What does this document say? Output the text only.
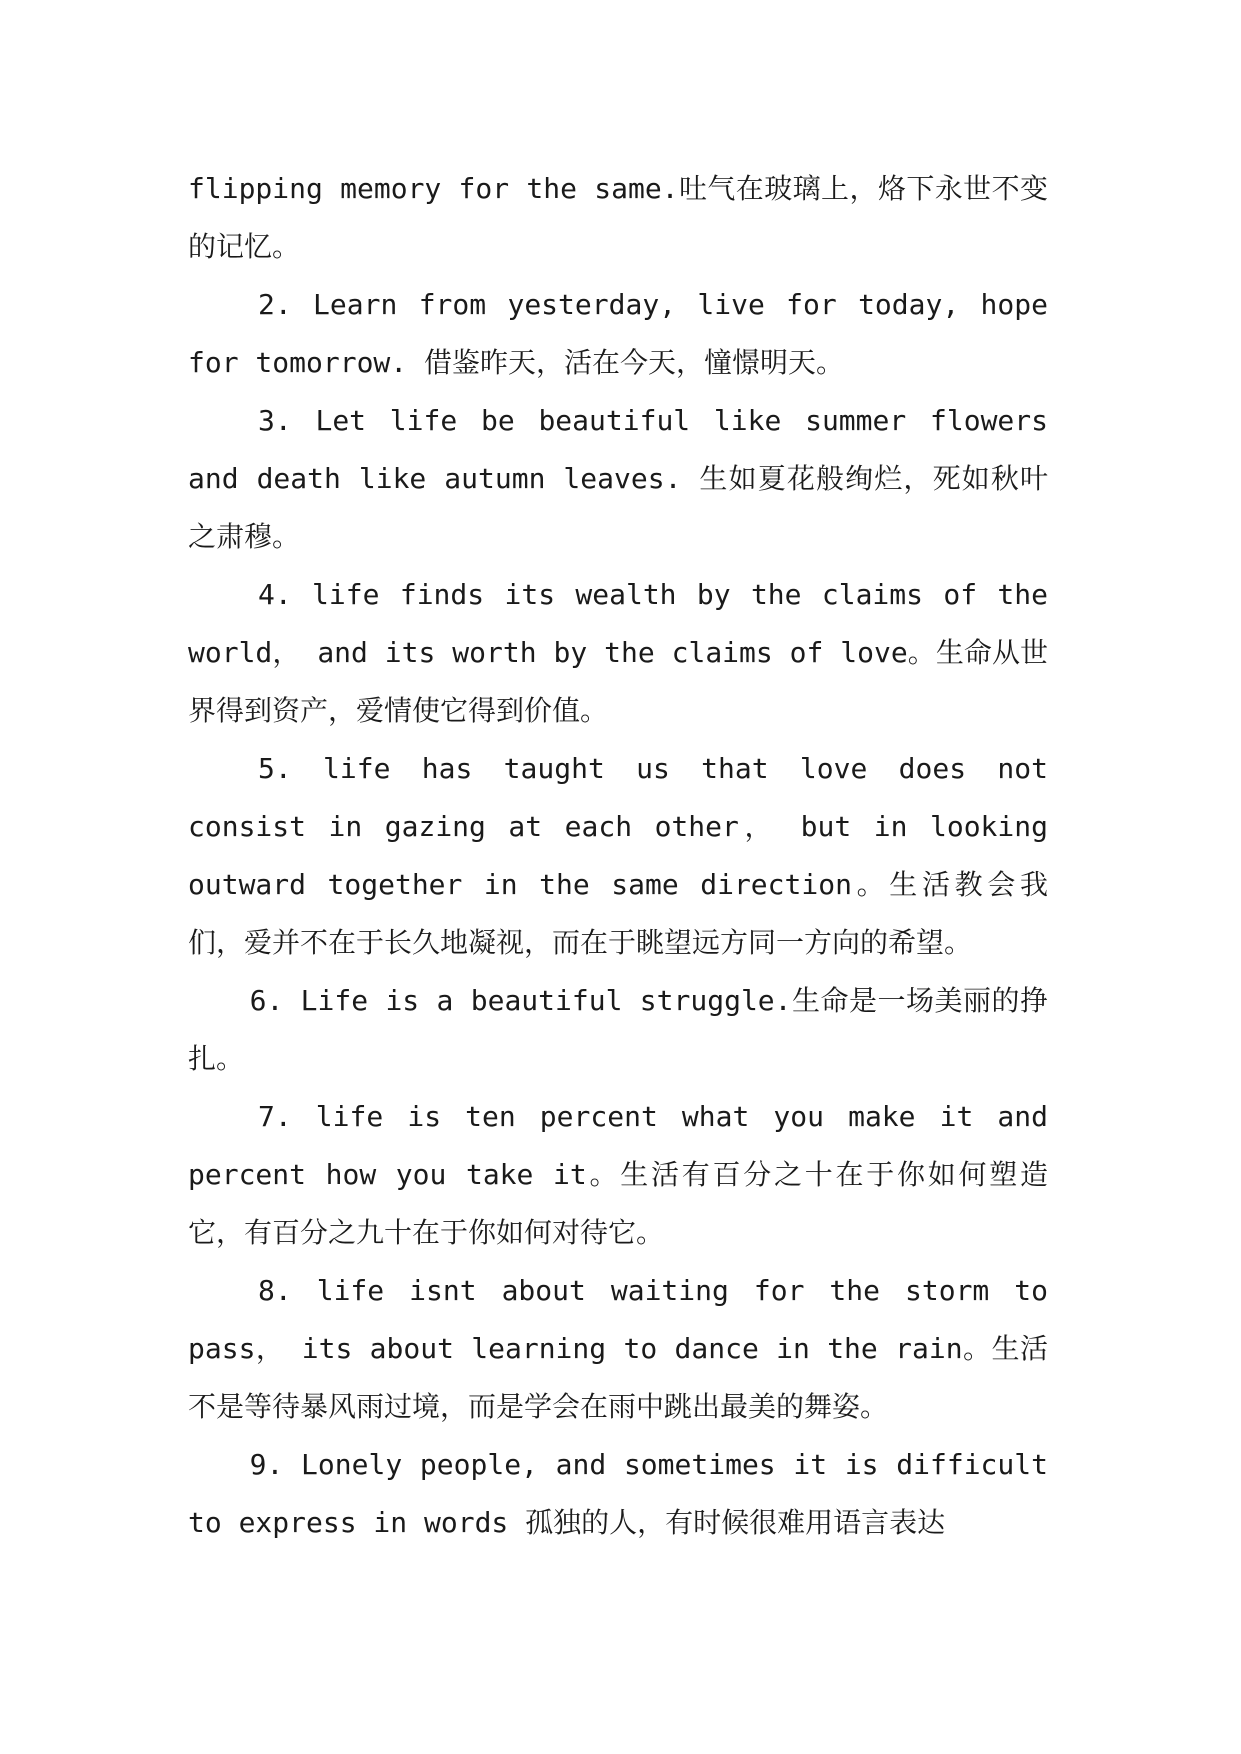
flipping memory for the same.吐气在玻璃上，烙下永世不变的记忆。

2. Learn from yesterday, live for today, hope for tomorrow. 借鉴昨天，活在今天，憧憬明天。

3. Let life be beautiful like summer flowers and death like autumn leaves. 生如夏花般绚烂，死如秋叶之肃穆。

4. life finds its wealth by the claims of the world， and its worth by the claims of love。生命从世界得到资产，爱情使它得到价值。

5. life has taught us that love does not consist in gazing at each other， but in looking outward together in the same direction。生活教会我们，爱并不在于长久地凝视，而在于眺望远方同一方向的希望。

6. Life is a beautiful struggle.生命是一场美丽的挣扎。

7. life is ten percent what you make it and percent how you take it。生活有百分之十在于你如何塑造它，有百分之九十在于你如何对待它。

8. life isnt about waiting for the storm to pass， its about learning to dance in the rain。生活不是等待暴风雨过境，而是学会在雨中跳出最美的舞姿。

9. Lonely people, and sometimes it is difficult to express in words 孤独的人，有时候很难用语言表达
